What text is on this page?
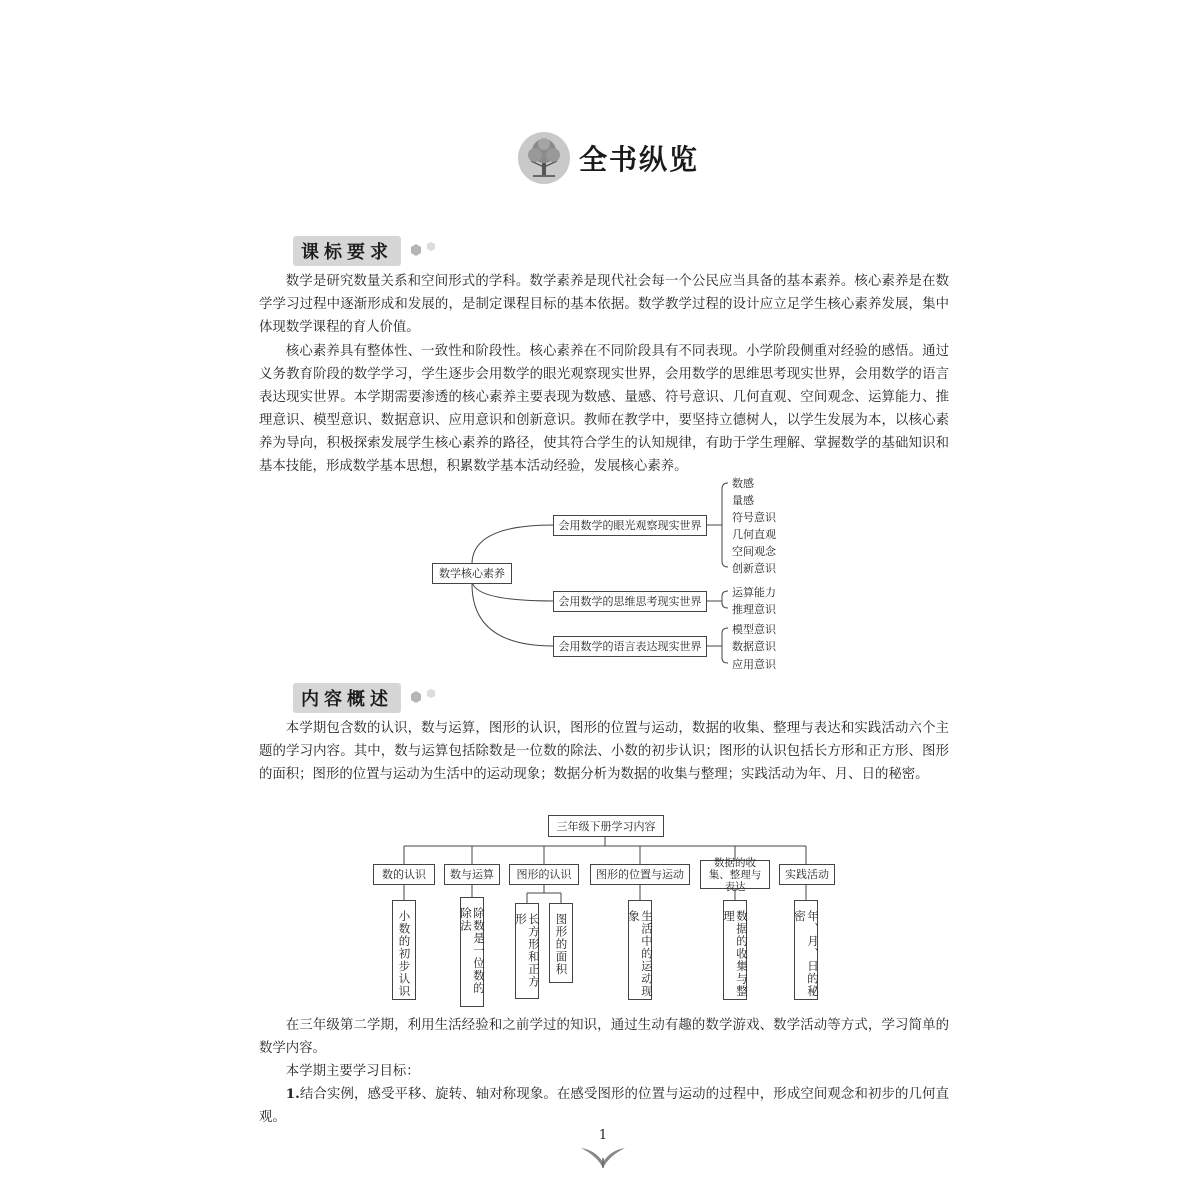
全书纵览
课标要求

数学是研究数量关系和空间形式的学科。数学素养是现代社会每一个公民应当具备的基本素养。核心素养是在数学学习过程中逐渐形成和发展的，是制定课程目标的基本依据。数学教学过程的设计应立足学生核心素养发展，集中体现数学课程的育人价值。

核心素养具有整体性、一致性和阶段性。核心素养在不同阶段具有不同表现。小学阶段侧重对经验的感悟。通过义务教育阶段的数学学习，学生逐步会用数学的眼光观察现实世界，会用数学的思维思考现实世界，会用数学的语言表达现实世界。本学期需要渗透的核心素养主要表现为数感、量感、符号意识、几何直观、空间观念、运算能力、推理意识、模型意识、数据意识、应用意识和创新意识。教师在教学中，要坚持立德树人，以学生发展为本，以核心素养为导向，积极探索发展学生核心素养的路径，使其符合学生的认知规律，有助于学生理解、掌握数学的基础知识和基本技能，形成数学基本思想，积累数学基本活动经验，发展核心素养。

数学核心素养
会用数学的眼光观察现实世界
会用数学的思维思考现实世界
会用数学的语言表达现实世界
数感
量感
符号意识
几何直观
空间观念
创新意识
运算能力
推理意识
模型意识
数据意识
应用意识
内容概述

本学期包含数的认识，数与运算，图形的认识，图形的位置与运动，数据的收集、整理与表达和实践活动六个主题的学习内容。其中，数与运算包括除数是一位数的除法、小数的初步认识；图形的认识包括长方形和正方形、图形的面积；图形的位置与运动为生活中的运动现象；数据分析为数据的收集与整理；实践活动为年、月、日的秘密。

三年级下册学习内容
数的认识	数与运算	图形的认识	图形的位置与运动
数据的收集、整理与表达
实践活动
小数的初步认识	除数是一位数的除法	长方形和正方形	图形的面积	生活中的运动现象	数据的收集与整理	年、月、日的秘密

在三年级第二学期，利用生活经验和之前学过的知识，通过生动有趣的数学游戏、数学活动等方式，学习简单的数学内容。

本学期主要学习目标：

1.结合实例，感受平移、旋转、轴对称现象。在感受图形的位置与运动的过程中，形成空间观念和初步的几何直观。

1
